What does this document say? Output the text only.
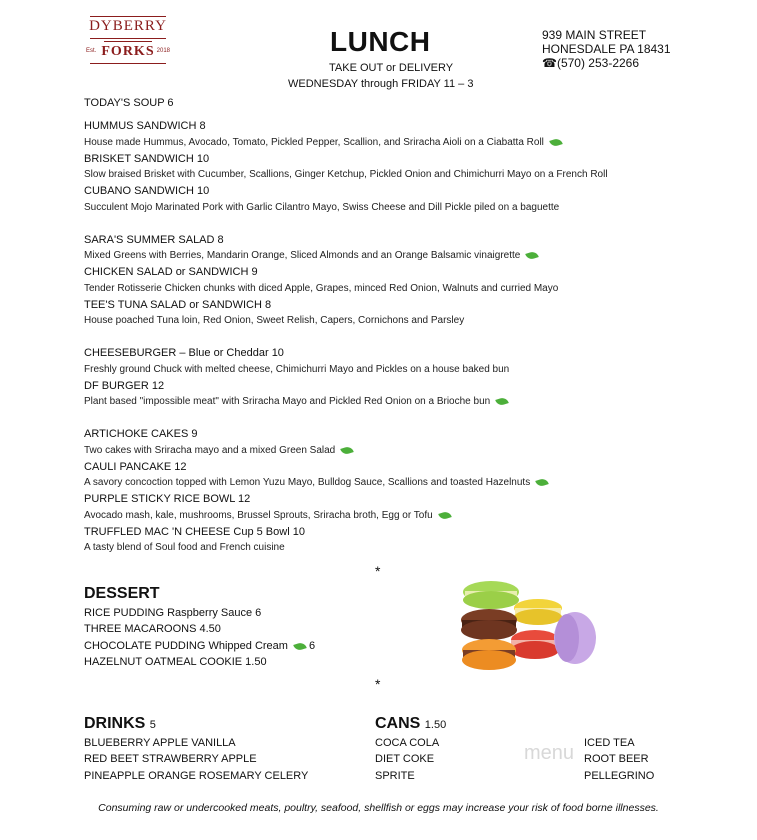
DYBERRY
Est. FORKS 2018	LUNCH
TAKE OUT or DELIVERY
WEDNESDAY through FRIDAY 11 – 3
939 MAIN STREET
HONESDALE PA 18431
☎(570) 253-2266
TODAY'S SOUP 6
HUMMUS SANDWICH 8
House made Hummus, Avocado, Tomato, Pickled Pepper, Scallion, and Sriracha Aioli on a Ciabatta Roll
BRISKET SANDWICH 10
Slow braised Brisket with Cucumber, Scallions, Ginger Ketchup, Pickled Onion and Chimichurri Mayo on a French Roll
CUBANO SANDWICH 10
Succulent Mojo Marinated Pork with Garlic Cilantro Mayo, Swiss Cheese and Dill Pickle piled on a baguette
SARA'S SUMMER SALAD 8
Mixed Greens with Berries, Mandarin Orange, Sliced Almonds and an Orange Balsamic vinaigrette
CHICKEN SALAD or SANDWICH 9
Tender Rotisserie Chicken chunks with diced Apple, Grapes, minced Red Onion, Walnuts and curried Mayo
TEE'S TUNA SALAD or SANDWICH 8
House poached Tuna loin, Red Onion, Sweet Relish, Capers, Cornichons and Parsley
CHEESEBURGER – Blue or Cheddar 10
Freshly ground Chuck with melted cheese, Chimichurri Mayo and Pickles on a house baked bun
DF BURGER 12
Plant based "impossible meat" with Sriracha Mayo and Pickled Red Onion on a Brioche bun
ARTICHOKE CAKES 9
Two cakes with Sriracha mayo and a mixed Green Salad
CAULI PANCAKE 12
A savory concoction topped with Lemon Yuzu Mayo, Bulldog Sauce, Scallions and toasted Hazelnuts
PURPLE STICKY RICE BOWL 12
Avocado mash, kale, mushrooms, Brussel Sprouts, Sriracha broth, Egg or Tofu
TRUFFLED MAC 'N CHEESE Cup 5 Bowl 10
A tasty blend of Soul food and French cuisine
*
DESSERT
RICE PUDDING Raspberry Sauce 6
THREE MACAROONS 4.50
CHOCOLATE PUDDING Whipped Cream 6
HAZELNUT OATMEAL COOKIE 1.50
*
DRINKS 5
BLUEBERRY APPLE VANILLA
RED BEET STRAWBERRY APPLE
PINEAPPLE ORANGE ROSEMARY CELERY
CANS 1.50
COCA COLA
DIET COKE
SPRITE
ICED TEA
ROOT BEER
PELLEGRINO
menu
Consuming raw or undercooked meats, poultry, seafood, shellfish or eggs may increase your risk of food borne illnesses.
